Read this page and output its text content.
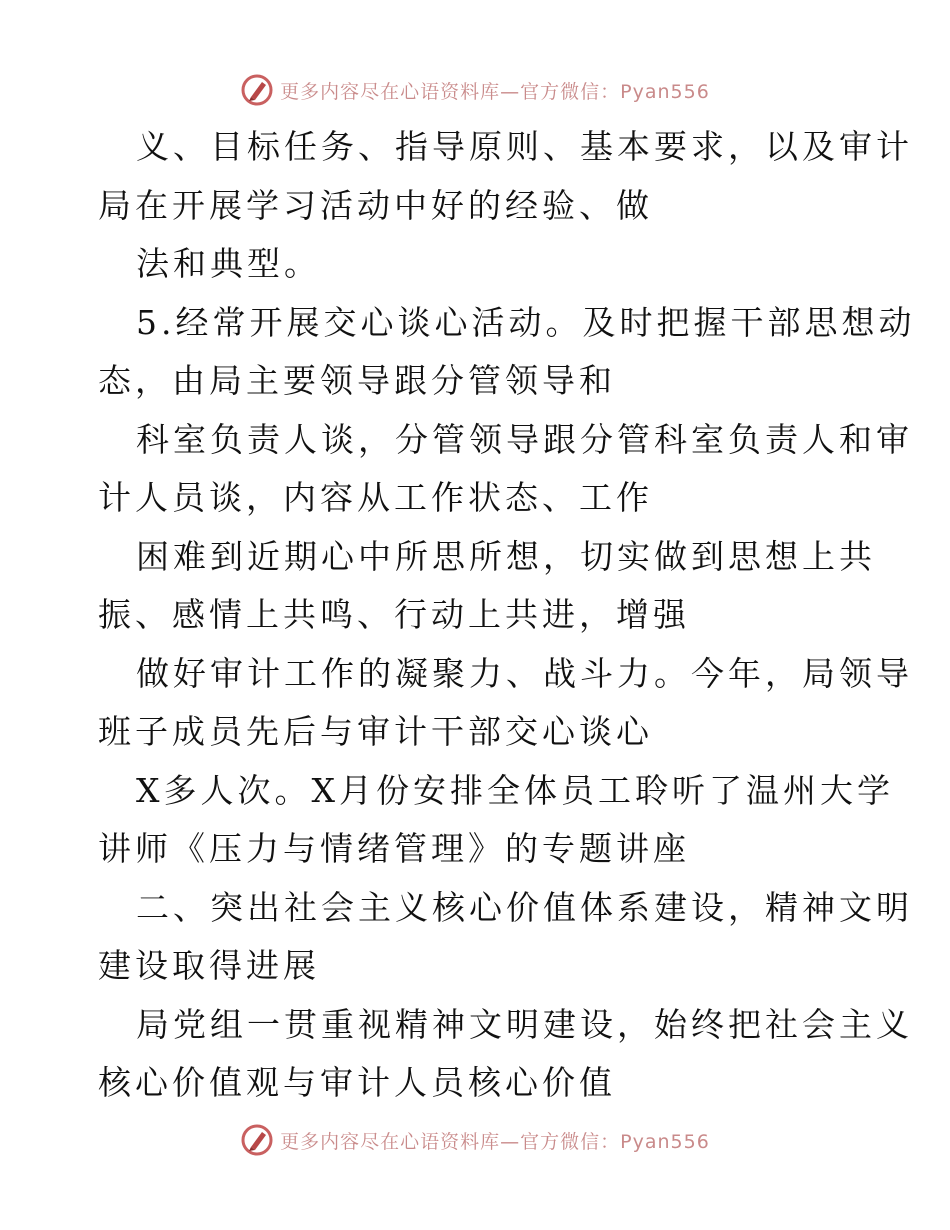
更多内容尽在心语资料库—官方微信：Pyan556
义、目标任务、指导原则、基本要求，以及审计
局在开展学习活动中好的经验、做
法和典型。
5.经常开展交心谈心活动。及时把握干部思想动
态，由局主要领导跟分管领导和
科室负责人谈，分管领导跟分管科室负责人和审
计人员谈，内容从工作状态、工作
困难到近期心中所思所想，切实做到思想上共
振、感情上共鸣、行动上共进，增强
做好审计工作的凝聚力、战斗力。今年，局领导
班子成员先后与审计干部交心谈心
X多人次。X月份安排全体员工聆听了温州大学
讲师《压力与情绪管理》的专题讲座
二、突出社会主义核心价值体系建设，精神文明
建设取得进展
局党组一贯重视精神文明建设，始终把社会主义
核心价值观与审计人员核心价值
更多内容尽在心语资料库—官方微信：Pyan556
